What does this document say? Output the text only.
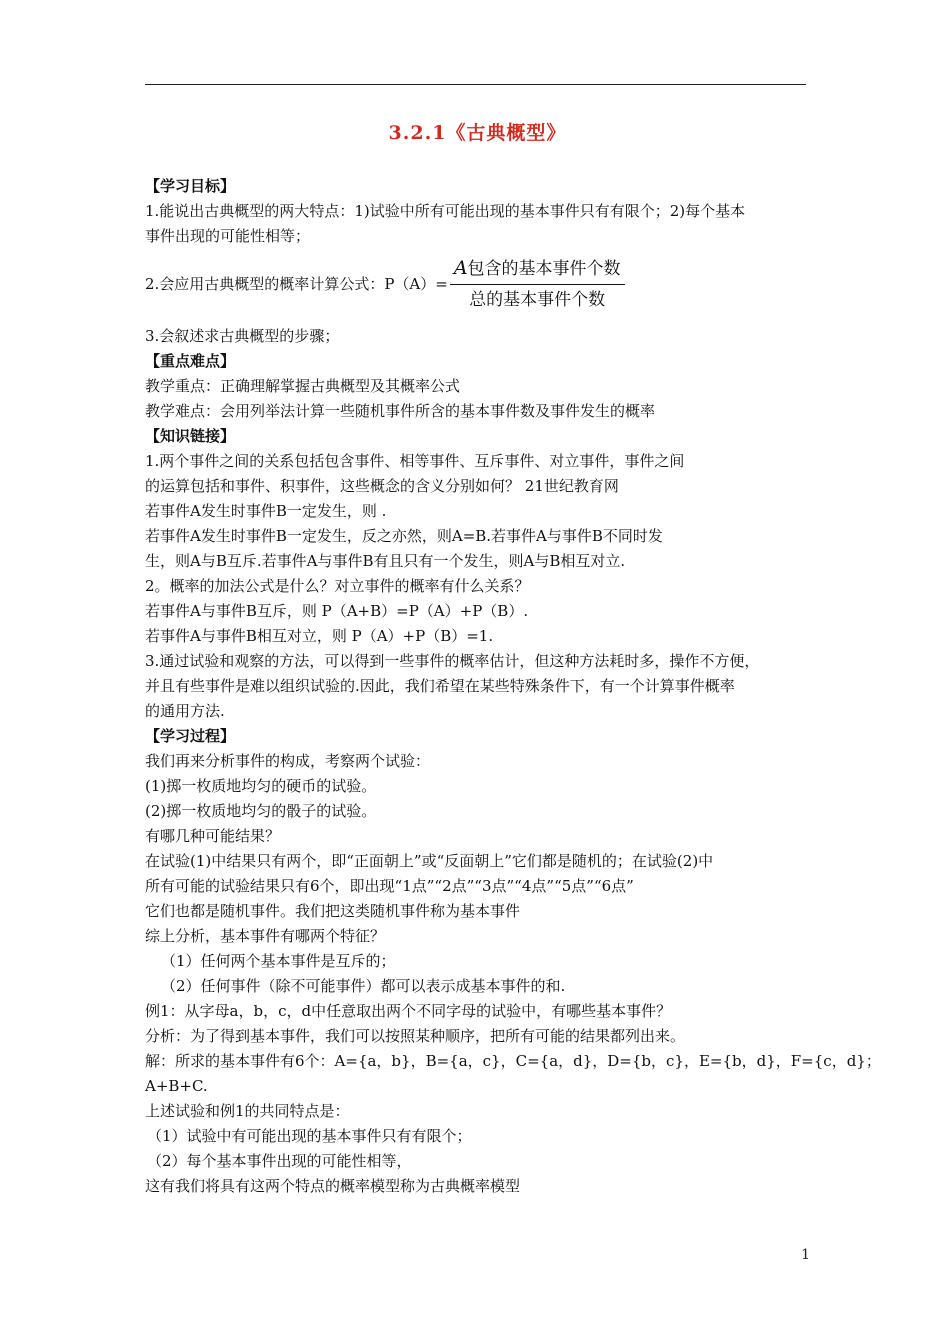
3.2.1《古典概型》

【学习目标】

1.能说出古典概型的两大特点：1)试验中所有可能出现的基本事件只有有限个；2)每个基本

事件出现的可能性相等；

2.会应用古典概型的概率计算公式：$P(A)= \frac{\text{A包含的基本事件个数}}{\text{总的基本事件个数}}$

3.会叙述求古典概型的步骤；

【重点难点】

教学重点：正确理解掌握古典概型及其概率公式

教学难点：会用列举法计算一些随机事件所含的基本事件数及事件发生的概率

【知识链接】

1.两个事件之间的关系包括包含事件、相等事件、互斥事件、对立事件，事件之间

的运算包括和事件、积事件，这些概念的含义分别如何？ 21世纪教育网

若事件A发生时事件B一定发生，则 .

若事件A发生时事件B一定发生，反之亦然，则A=B.若事件A与事件B不同时发

生，则A与B互斥.若事件A与事件B有且只有一个发生，则A与B相互对立.

2。概率的加法公式是什么？对立事件的概率有什么关系？

若事件A与事件B互斥，则 P（A+B）=P（A）+P（B）.

若事件A与事件B相互对立，则 P（A）+P（B）=1.

3.通过试验和观察的方法，可以得到一些事件的概率估计，但这种方法耗时多，操作不方便，

并且有些事件是难以组织试验的.因此，我们希望在某些特殊条件下，有一个计算事件概率

的通用方法.

【学习过程】

我们再来分析事件的构成，考察两个试验：

(1)掷一枚质地均匀的硬币的试验。

(2)掷一枚质地均匀的骰子的试验。

有哪几种可能结果？

在试验(1)中结果只有两个，即“正面朝上”或“反面朝上”它们都是随机的；在试验(2)中

所有可能的试验结果只有6个，即出现“1点”“2点”“3点”“4点”“5点”“6点”

它们也都是随机事件。我们把这类随机事件称为基本事件

综上分析，基本事件有哪两个特征？

（1）任何两个基本事件是互斥的；

（2）任何事件（除不可能事件）都可以表示成基本事件的和.

例1：从字母a，b，c，d中任意取出两个不同字母的试验中，有哪些基本事件？

分析：为了得到基本事件，我们可以按照某种顺序，把所有可能的结果都列出来。

解：所求的基本事件有6个：A={a，b}，B={a，c}，C={a，d}，D={b，c}，E={b，d}，F={c，d}；

A+B+C.

上述试验和例1的共同特点是：

（1）试验中有可能出现的基本事件只有有限个；

（2）每个基本事件出现的可能性相等，

这有我们将具有这两个特点的概率模型称为古典概率模型

1
